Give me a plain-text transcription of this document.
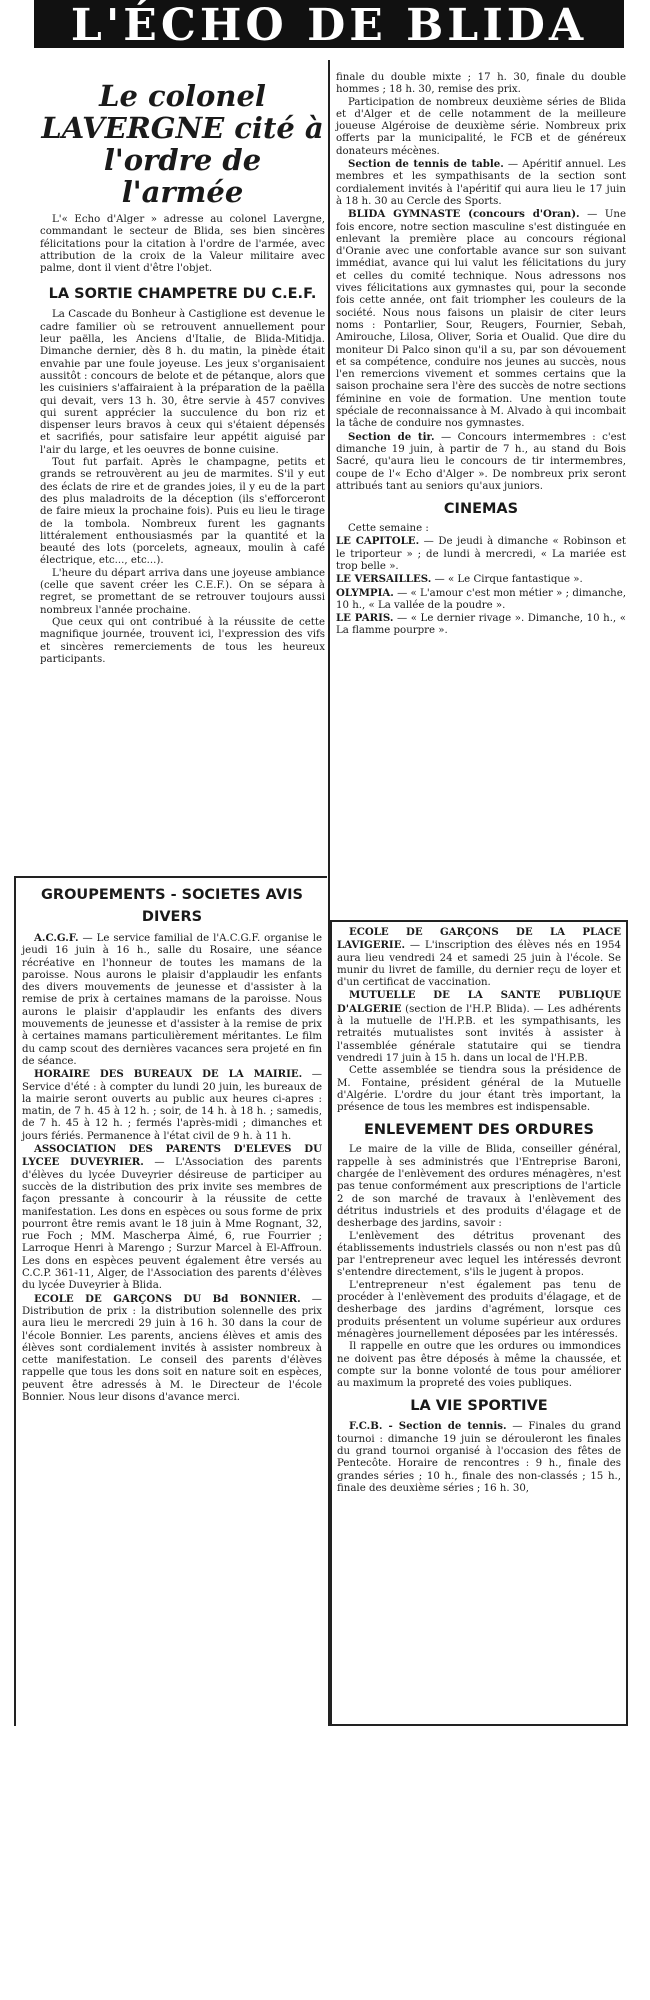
L'ÉCHO DE BLIDA
Le colonel LAVERGNE cité à l'ordre de l'armée

L'« Echo d'Alger » adresse au colonel Lavergne, commandant le secteur de Blida, ses bien sincères félicitations pour la citation à l'ordre de l'armée, avec attribution de la croix de la Valeur militaire avec palme, dont il vient d'être l'objet.

LA SORTIE CHAMPETRE DU C.E.F.

La Cascade du Bonheur à Castiglione est devenue le cadre familier où se retrouvent annuellement pour leur paëlla, les Anciens d'Italie, de Blida-Mitidja. Dimanche dernier, dès 8 h. du matin, la pinède était envahie par une foule joyeuse. Les jeux s'organisaient aussitôt : concours de belote et de pétanque, alors que les cuisiniers s'affairaient à la préparation de la paëlla qui devait, vers 13 h. 30, être servie à 457 convives qui surent apprécier la succulence du bon riz et dispenser leurs bravos à ceux qui s'étaient dépensés et sacrifiés, pour satisfaire leur appétit aiguisé par l'air du large, et les oeuvres de bonne cuisine.

Tout fut parfait. Après le champagne, petits et grands se retrouvèrent au jeu de marmites. S'il y eut des éclats de rire et de grandes joies, il y eu de la part des plus maladroits de la déception (ils s'efforceront de faire mieux la prochaine fois). Puis eu lieu le tirage de la tombola. Nombreux furent les gagnants littéralement enthousiasmés par la quantité et la beauté des lots (porcelets, agneaux, moulin à café électrique, etc..., etc...).

L'heure du départ arriva dans une joyeuse ambiance (celle que savent créer les C.E.F.). On se sépara à regret, se promettant de se retrouver toujours aussi nombreux l'année prochaine.

Que ceux qui ont contribué à la réussite de cette magnifique journée, trouvent ici, l'expression des vifs et sincères remerciements de tous les heureux participants.

GROUPEMENTS - SOCIETES AVIS DIVERS

A.C.G.F. — Le service familial de l'A.C.G.F. organise le jeudi 16 juin à 16 h., salle du Rosaire, une séance récréative en l'honneur de toutes les mamans de la paroisse. Nous aurons le plaisir d'applaudir les enfants des divers mouvements de jeunesse et d'assister à la remise de prix à certaines mamans de la paroisse. Nous aurons le plaisir d'applaudir les enfants des divers mouvements de jeunesse et d'assister à la remise de prix à certaines mamans particulièrement méritantes. Le film du camp scout des dernières vacances sera projeté en fin de séance.

HORAIRE DES BUREAUX DE LA MAIRIE. — Service d'été : à compter du lundi 20 juin, les bureaux de la mairie seront ouverts au public aux heures ci-apres : matin, de 7 h. 45 à 12 h. ; soir, de 14 h. à 18 h. ; samedis, de 7 h. 45 à 12 h. ; fermés l'après-midi ; dimanches et jours fériés. Permanence à l'état civil de 9 h. à 11 h.

ASSOCIATION DES PARENTS D'ELEVES DU LYCEE DUVEYRIER. — L'Association des parents d'élèves du lycée Duveyrier désireuse de participer au succès de la distribution des prix invite ses membres de façon pressante à concourir à la réussite de cette manifestation. Les dons en espèces ou sous forme de prix pourront être remis avant le 18 juin à Mme Rognant, 32, rue Foch ; MM. Mascherpa Aimé, 6, rue Fourrier ; Larroque Henri à Marengo ; Surzur Marcel à El-Affroun. Les dons en espèces peuvent également être versés au C.C.P. 361-11, Alger, de l'Association des parents d'élèves du lycée Duveyrier à Blida.

ECOLE DE GARÇONS DU Bd BONNIER. — Distribution de prix : la distribution solennelle des prix aura lieu le mercredi 29 juin à 16 h. 30 dans la cour de l'école Bonnier. Les parents, anciens élèves et amis des élèves sont cordialement invités à assister nombreux à cette manifestation. Le conseil des parents d'élèves rappelle que tous les dons soit en nature soit en espèces, peuvent être adressés à M. le Directeur de l'école Bonnier. Nous leur disons d'avance merci.

finale du double mixte ; 17 h. 30, finale du double hommes ; 18 h. 30, remise des prix.

Participation de nombreux deuxième séries de Blida et d'Alger et de celle notamment de la meilleure joueuse Algéroise de deuxième série. Nombreux prix offerts par la municipalité, le FCB et de généreux donateurs mécènes.

Section de tennis de table. — Apéritif annuel. Les membres et les sympathisants de la section sont cordialement invités à l'apéritif qui aura lieu le 17 juin à 18 h. 30 au Cercle des Sports.

BLIDA GYMNASTE (concours d'Oran). — Une fois encore, notre section masculine s'est distinguée en enlevant la première place au concours régional d'Oranie avec une confortable avance sur son suivant immédiat, avance qui lui valut les félicitations du jury et celles du comité technique. Nous adressons nos vives félicitations aux gymnastes qui, pour la seconde fois cette année, ont fait triompher les couleurs de la société. Nous nous faisons un plaisir de citer leurs noms : Pontarlier, Sour, Reugers, Fournier, Sebah, Amirouche, Lilosa, Oliver, Soria et Oualid. Que dire du moniteur Di Palco sinon qu'il a su, par son dévouement et sa compétence, conduire nos jeunes au succès, nous l'en remercions vivement et sommes certains que la saison prochaine sera l'ère des succès de notre sections féminine en voie de formation. Une mention toute spéciale de reconnaissance à M. Alvado à qui incombait la tâche de conduire nos gymnastes.

Section de tir. — Concours intermembres : c'est dimanche 19 juin, à partir de 7 h., au stand du Bois Sacré, qu'aura lieu le concours de tir intermembres, coupe de l'« Echo d'Alger ». De nombreux prix seront attribués tant au seniors qu'aux juniors.

CINEMAS

Cette semaine :

LE CAPITOLE. — De jeudi à dimanche « Robinson et le triporteur » ; de lundi à mercredi, « La mariée est trop belle ».

LE VERSAILLES. — « Le Cirque fantastique ».

OLYMPIA. — « L'amour c'est mon métier » ; dimanche, 10 h., « La vallée de la poudre ».

LE PARIS. — « Le dernier rivage ». Dimanche, 10 h., « La flamme pourpre ».

ECOLE DE GARÇONS DE LA PLACE LAVIGERIE. — L'inscription des élèves nés en 1954 aura lieu vendredi 24 et samedi 25 juin à l'école. Se munir du livret de famille, du dernier reçu de loyer et d'un certificat de vaccination.

MUTUELLE DE LA SANTE PUBLIQUE D'ALGERIE (section de l'H.P. Blida). — Les adhérents à la mutuelle de l'H.P.B. et les sympathisants, les retraités mutualistes sont invités à assister à l'assemblée générale statutaire qui se tiendra vendredi 17 juin à 15 h. dans un local de l'H.P.B.

Cette assemblée se tiendra sous la présidence de M. Fontaine, président général de la Mutuelle d'Algérie. L'ordre du jour étant très important, la présence de tous les membres est indispensable.

ENLEVEMENT DES ORDURES

Le maire de la ville de Blida, conseiller général, rappelle à ses administrés que l'Entreprise Baroni, chargée de l'enlèvement des ordures ménagères, n'est pas tenue conformément aux prescriptions de l'article 2 de son marché de travaux à l'enlèvement des détritus industriels et des produits d'élagage et de desherbage des jardins, savoir :

L'enlèvement des détritus provenant des établissements industriels classés ou non n'est pas dû par l'entrepreneur avec lequel les intéressés devront s'entendre directement, s'ils le jugent à propos.

L'entrepreneur n'est également pas tenu de procéder à l'enlèvement des produits d'élagage, et de desherbage des jardins d'agrément, lorsque ces produits présentent un volume supérieur aux ordures ménagères journellement déposées par les intéressés.

Il rappelle en outre que les ordures ou immondices ne doivent pas être déposés à même la chaussée, et compte sur la bonne volonté de tous pour améliorer au maximum la propreté des voies publiques.

LA VIE SPORTIVE

F.C.B. - Section de tennis. — Finales du grand tournoi : dimanche 19 juin se dérouleront les finales du grand tournoi organisé à l'occasion des fêtes de Pentecôte. Horaire de rencontres : 9 h., finale des grandes séries ; 10 h., finale des non-classés ; 15 h., finale des deuxième séries ; 16 h. 30,
